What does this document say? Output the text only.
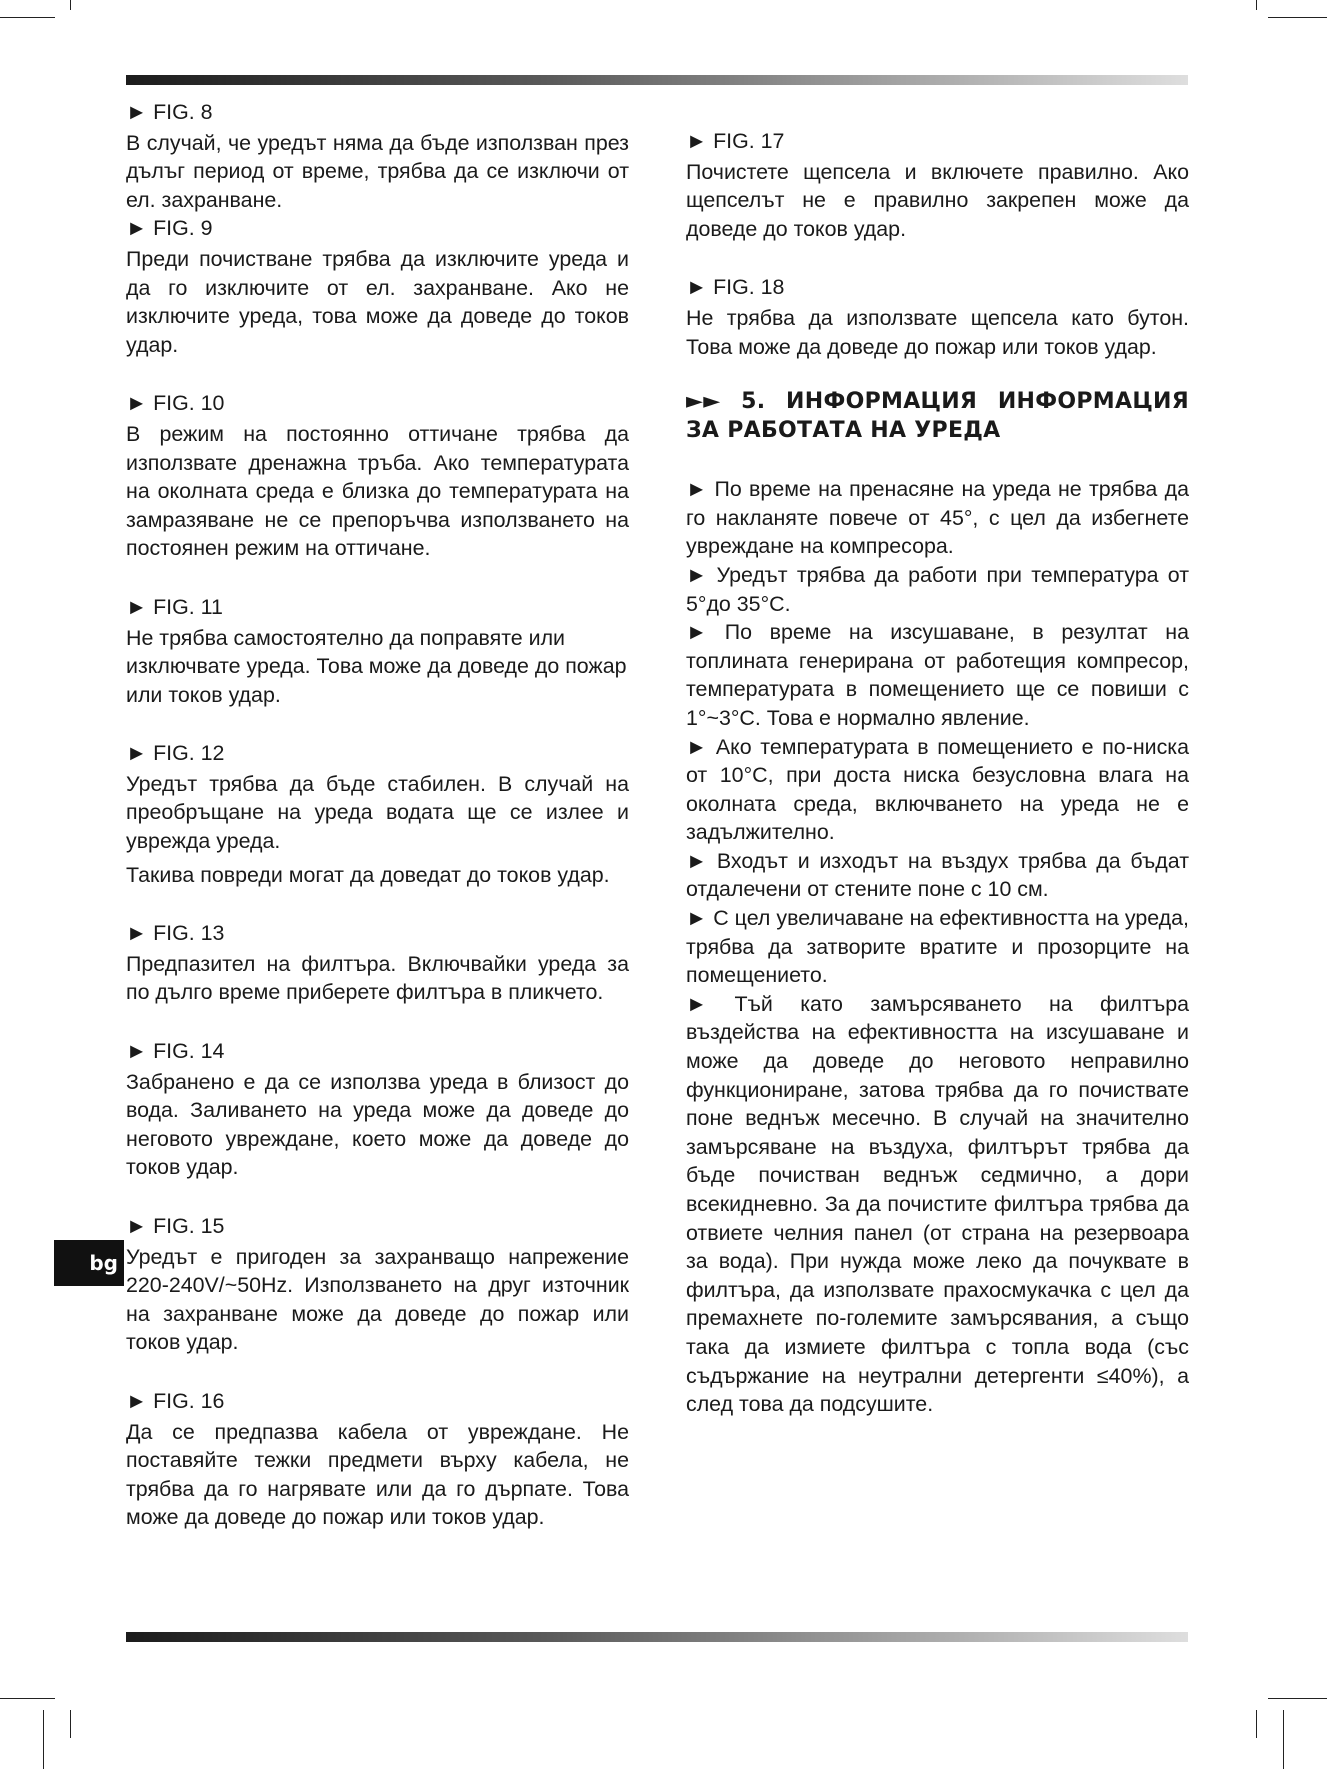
bg

► FIG. 8

В случай, че уредът няма да бъде използван през дълъг период от време, трябва да се изключи от ел. захранване.

► FIG. 9

Преди почистване трябва да изключите уреда и да го изключите от ел. захранване. Ако не изключите уреда, това може да доведе до токов удар.

► FIG. 10

В режим на постоянно оттичане трябва да използвате дренажна тръба. Ако температурата на околната среда е близка до температурата на замразяване не се препоръчва използването на постоянен режим на оттичане.

► FIG. 11

Не трябва самостоятелно да поправяте или изключвате уреда. Това може да доведе до пожар или токов удар.

► FIG. 12

Уредът трябва да бъде стабилен. В случай на преобръщане на уреда водата ще се излее и уврежда уреда.

Такива повреди могат да доведат до токов удар.

► FIG. 13

Предпазител на филтъра. Включвайки уреда за по дълго време приберете филтъра в пликчето.

► FIG. 14

Забранено е да се използва уреда в близост до вода. Заливането на уреда може да доведе до неговото увреждане, което може да доведе до токов удар.

► FIG. 15

Уредът е пригоден за захранващо напрежение 220-240V/~50Hz. Използването на друг източник на захранване може да доведе до пожар или токов удар.

► FIG. 16

Да се предпазва кабела от увреждане. Не поставяйте тежки предмети върху кабела, не трябва да го нагрявате или да го дърпате. Това може да доведе до пожар или токов удар.

► FIG. 17

Почистете щепсела и включете правилно. Ако щепселът не е правилно закрепен може да доведе до токов удар.

► FIG. 18

Не трябва да използвате щепсела като бутон. Това може да доведе до пожар или токов удар.

►► 5. ИНФОРМАЦИЯ ИНФОРМАЦИЯ ЗА РАБОТАТА НА УРЕДА

► По време на пренасяне на уреда не трябва да го накланяте повече от 45°, с цел да избегнете увреждане на компресора.

► Уредът трябва да работи при температура от 5°до 35°C.

► По време на изсушаване, в резултат на топлината генерирана от работещия компресор, температурата в помещението ще се повиши с 1°~3°C. Това е нормално явление.

► Ако температурата в помещението е по-ниска от 10°C, при доста ниска безусловна влага на околната среда, включването на уреда не е задължително.

► Входът и изходът на въздух трябва да бъдат отдалечени от стените поне с 10 см.

► С цел увеличаване на ефективността на уреда, трябва да затворите вратите и прозорците на помещението.

► Тъй като замърсяването на филтъра въздейства на ефективността на изсушаване и може да доведе до неговото неправилно функциониране, затова трябва да го почиствате поне веднъж месечно. В случай на значително замърсяване на въздуха, филтърът трябва да бъде почистван веднъж седмично, а дори всекидневно. За да почистите филтъра трябва да отвиете челния панел (от страна на резервоара за вода). При нужда може леко да почуквате в филтъра, да използвате прахосмукачка с цел да премахнете по-големите замърсявания, а също така да измиете филтъра с топла вода (със съдържание на неутрални детергенти ≤40%), а след това да подсушите.
